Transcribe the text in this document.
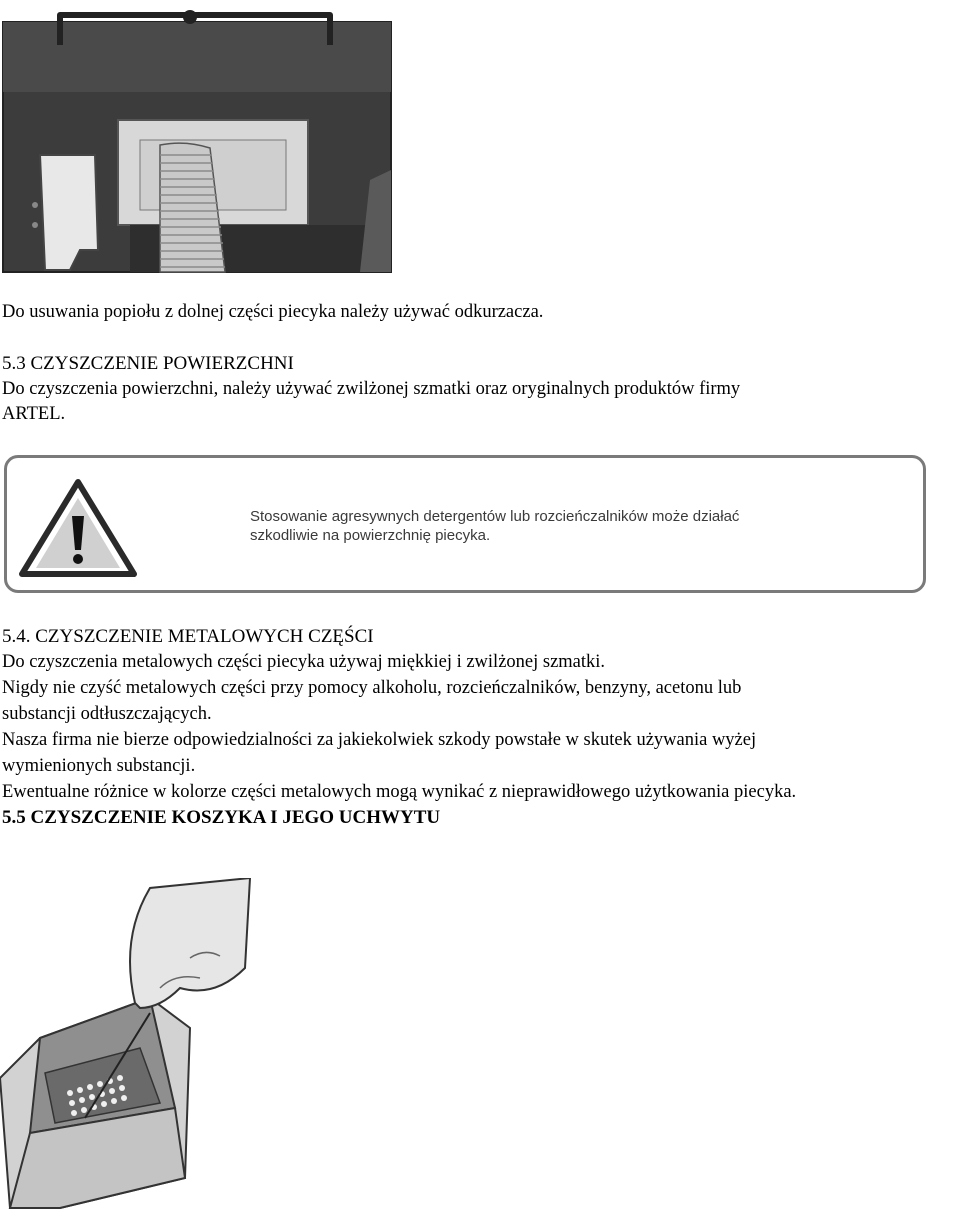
Do usuwania popiołu z dolnej części piecyka należy używać odkurzacza.
5.3 CZYSZCZENIE POWIERZCHNI
Do czyszczenia powierzchni, należy używać zwilżonej szmatki oraz oryginalnych produktów firmy
ARTEL.
Stosowanie agresywnych detergentów lub rozcieńczalników może działać
szkodliwie na powierzchnię piecyka.
5.4. CZYSZCZENIE METALOWYCH CZĘŚCI
Do czyszczenia metalowych części piecyka używaj miękkiej i zwilżonej szmatki.
Nigdy nie czyść metalowych części przy pomocy alkoholu, rozcieńczalników, benzyny, acetonu lub
substancji odtłuszczających.
Nasza firma nie bierze odpowiedzialności za jakiekolwiek szkody powstałe w skutek używania wyżej
wymienionych substancji.
Ewentualne różnice w kolorze części metalowych mogą wynikać z nieprawidłowego użytkowania piecyka.
5.5 CZYSZCZENIE KOSZYKA I JEGO UCHWYTU
